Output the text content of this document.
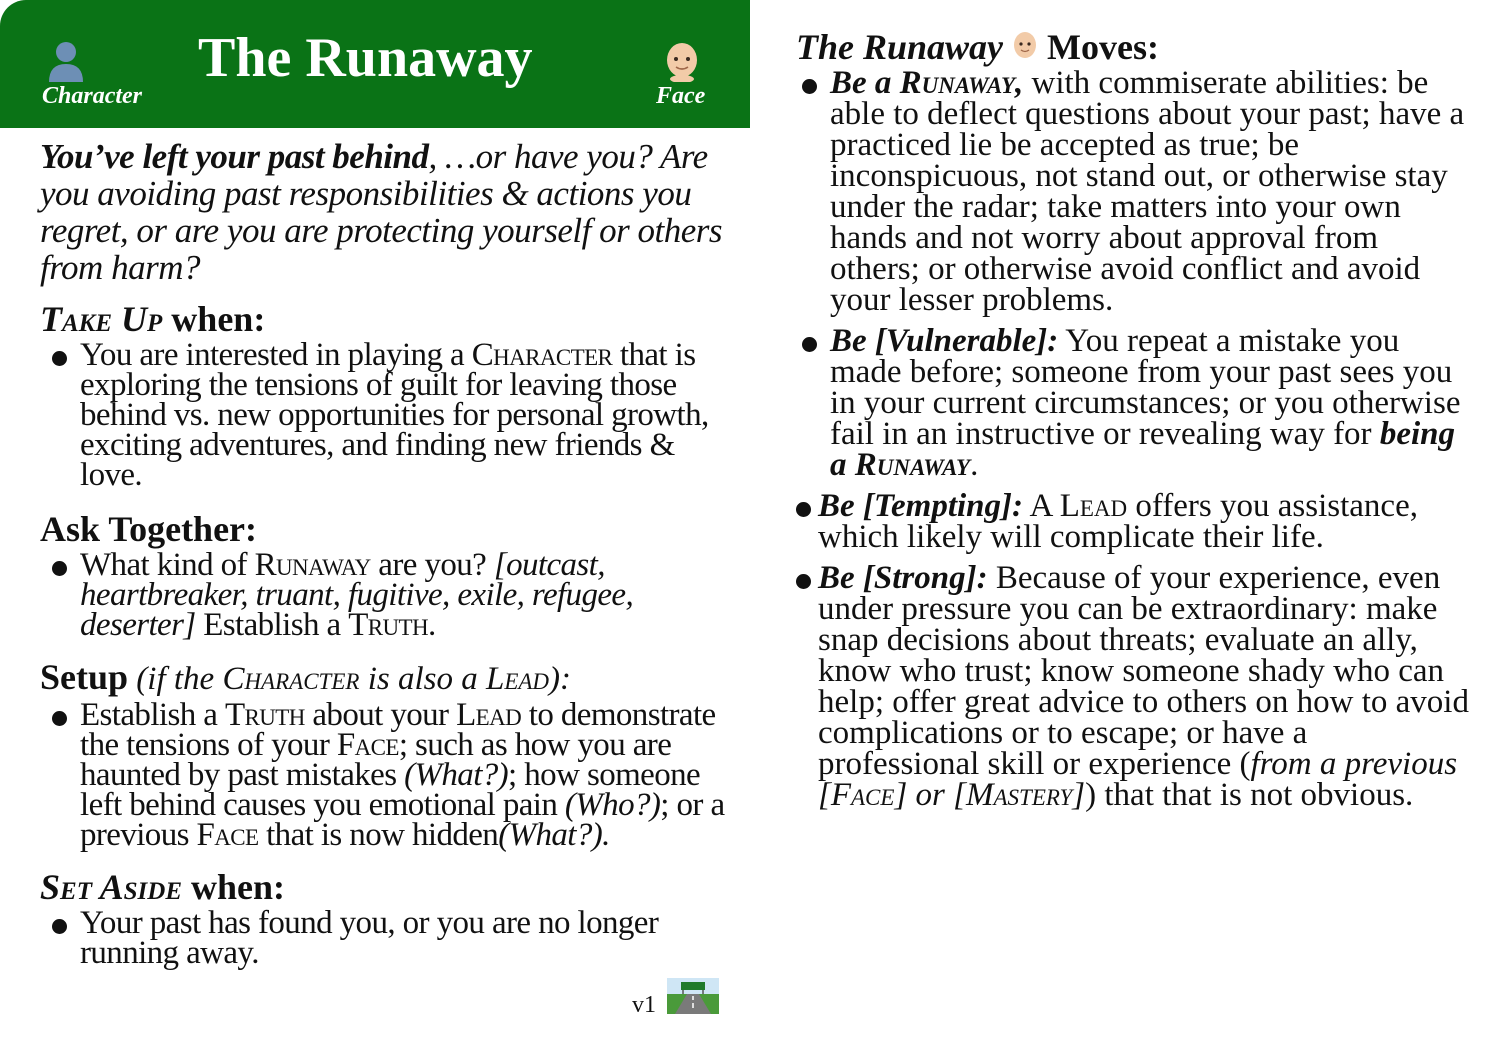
Character
The Runaway
Face
You’ve left your past behind, …or have you? Are you avoiding past responsibilities & actions you regret, or are you are protecting yourself or others from harm?
Take Up when:
You are interested in playing a Character that is exploring the tensions of guilt for leaving those behind vs. new opportunities for personal growth, exciting adventures, and finding new friends & love.
Ask Together:
What kind of Runaway are you? [outcast, heartbreaker, truant, fugitive, exile, refugee, deserter] Establish a Truth.
Setup (if the Character is also a Lead):
Establish a Truth about your Lead to demonstrate the tensions of your Face; such as how you are haunted by past mistakes (What?); how someone left behind causes you emotional pain (Who?); or a previous Face that is now hidden(What?).
Set Aside when:
Your past has found you, or you are no longer running away.
The Runaway  Moves:
Be a Runaway, with commiserate abilities: be able to deflect questions about your past; have a practiced lie be accepted as true; be inconspicuous, not stand out, or otherwise stay under the radar; take matters into your own hands and not worry about approval from others; or otherwise avoid conflict and avoid your lesser problems.
Be [Vulnerable]: You repeat a mistake you made before; someone from your past sees you in your current circumstances; or you otherwise fail in an instructive or revealing way for being a Runaway.
Be [Tempting]: A Lead offers you assistance, which likely will complicate their life.
Be [Strong]: Because of your experience, even under pressure you can be extraordinary: make snap decisions about threats; evaluate an ally, know who trust; know someone shady who can help; offer great advice to others on how to avoid complications or to escape; or have a professional skill or experience (from a previous [Face] or [Mastery]) that that is not obvious.
v1
